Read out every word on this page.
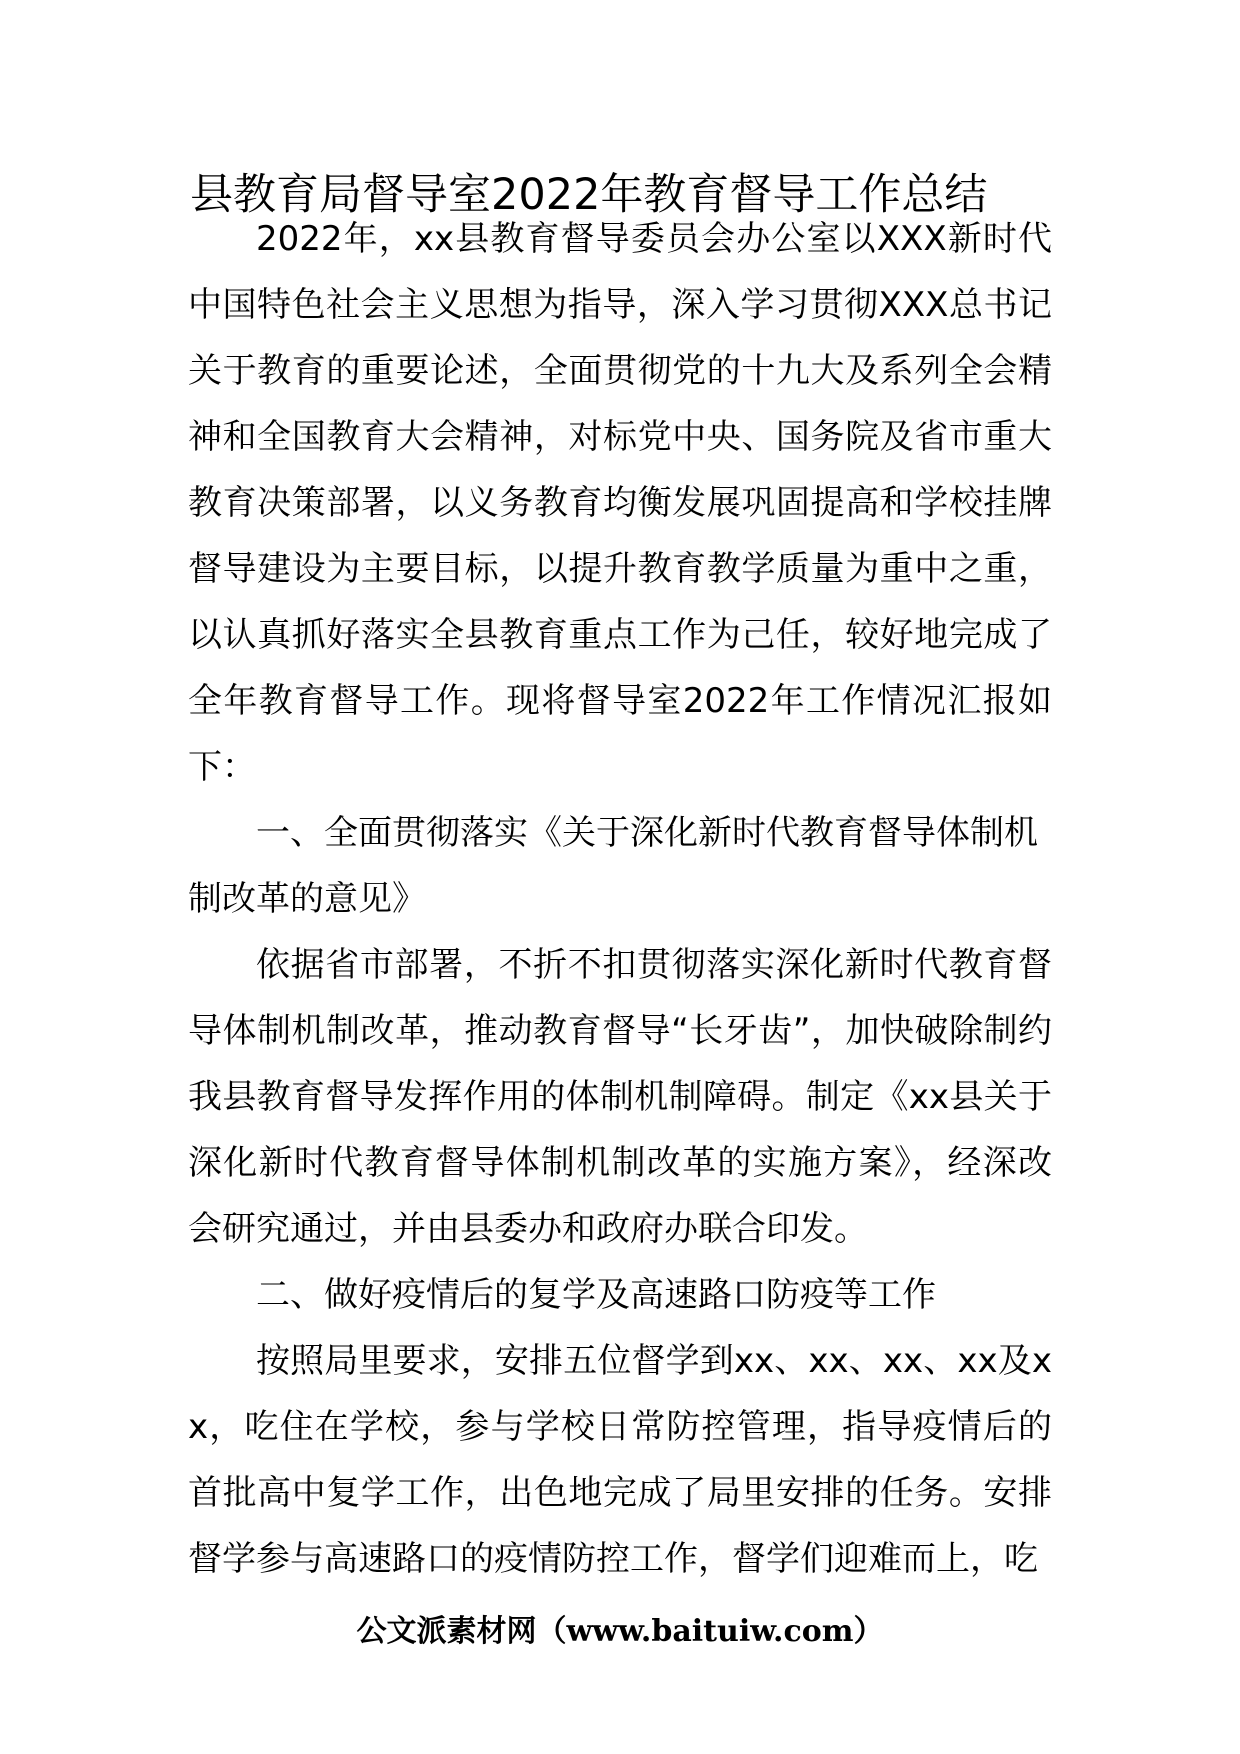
县教育局督导室2022年教育督导工作总结

2022年，xx县教育督导委员会办公室以XXX新时代中国特色社会主义思想为指导，深入学习贯彻XXX总书记关于教育的重要论述，全面贯彻党的十九大及系列全会精神和全国教育大会精神，对标党中央、国务院及省市重大教育决策部署，以义务教育均衡发展巩固提高和学校挂牌督导建设为主要目标，以提升教育教学质量为重中之重，以认真抓好落实全县教育重点工作为己任，较好地完成了全年教育督导工作。现将督导室2022年工作情况汇报如下：

一、全面贯彻落实《关于深化新时代教育督导体制机制改革的意见》

依据省市部署，不折不扣贯彻落实深化新时代教育督导体制机制改革，推动教育督导“长牙齿”，加快破除制约我县教育督导发挥作用的体制机制障碍。制定《xx县关于深化新时代教育督导体制机制改革的实施方案》，经深改会研究通过，并由县委办和政府办联合印发。

二、做好疫情后的复学及高速路口防疫等工作

按照局里要求，安排五位督学到xx、xx、xx、xx及xx，吃住在学校，参与学校日常防控管理，指导疫情后的首批高中复学工作，出色地完成了局里安排的任务。安排督学参与高速路口的疫情防控工作，督学们迎难而上，吃

公文派素材网（www.baituiw.com）
